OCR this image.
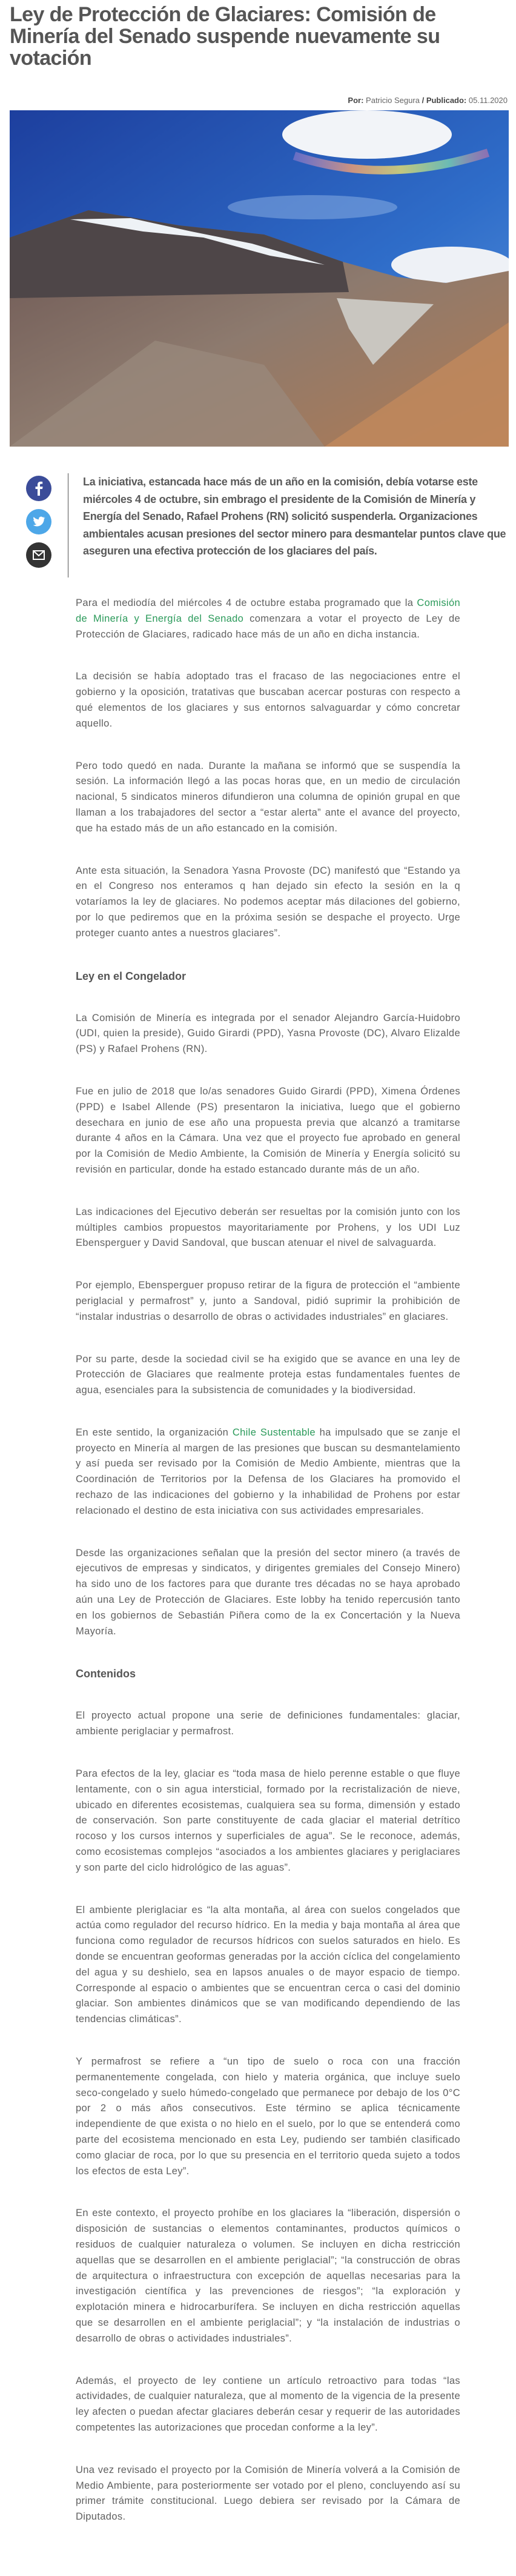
Ley de Protección de Glaciares: Comisión de Minería del Senado suspende nuevamente su votación
Por: Patricio Segura / Publicado: 05.11.2020

La iniciativa, estancada hace más de un año en la comisión, debía votarse este miércoles 4 de octubre, sin embrago el presidente de la Comisión de Minería y Energía del Senado, Rafael Prohens (RN) solicitó suspenderla. Organizaciones ambientales acusan presiones del sector minero para desmantelar puntos clave que aseguren una efectiva protección de los glaciares del país.

Para el mediodía del miércoles 4 de octubre estaba programado que la Comisión de Minería y Energía del Senado comenzara a votar el proyecto de Ley de Protección de Glaciares, radicado hace más de un año en dicha instancia.

La decisión se había adoptado tras el fracaso de las negociaciones entre el gobierno y la oposición, tratativas que buscaban acercar posturas con respecto a qué elementos de los glaciares y sus entornos salvaguardar y cómo concretar aquello.

Pero todo quedó en nada. Durante la mañana se informó que se suspendía la sesión. La información llegó a las pocas horas que, en un medio de circulación nacional, 5 sindicatos mineros difundieron una columna de opinión grupal en que llaman a los trabajadores del sector a “estar alerta” ante el avance del proyecto, que ha estado más de un año estancado en la comisión.

Ante esta situación, la Senadora Yasna Provoste (DC) manifestó que “Estando ya en el Congreso nos enteramos q han dejado sin efecto la sesión en la q votaríamos la ley de glaciares. No podemos aceptar más dilaciones del gobierno, por lo que pediremos que en la próxima sesión se despache el proyecto. Urge proteger cuanto antes a nuestros glaciares”.

Ley en el Congelador

La Comisión de Minería es integrada por el senador Alejandro García-Huidobro (UDI, quien la preside), Guido Girardi (PPD), Yasna Provoste (DC), Alvaro Elizalde (PS) y Rafael Prohens (RN).

Fue en julio de 2018 que lo/as senadores Guido Girardi (PPD), Ximena Órdenes (PPD) e Isabel Allende (PS) presentaron la iniciativa, luego que el gobierno desechara en junio de ese año una propuesta previa que alcanzó a tramitarse durante 4 años en la Cámara. Una vez que el proyecto fue aprobado en general por la Comisión de Medio Ambiente, la Comisión de Minería y Energía solicitó su revisión en particular, donde ha estado estancado durante más de un año.

Las indicaciones del Ejecutivo deberán ser resueltas por la comisión junto con los múltiples cambios propuestos mayoritariamente por Prohens, y los UDI Luz Ebensperguer y David Sandoval, que buscan atenuar el nivel de salvaguarda.

Por ejemplo, Ebensperguer propuso retirar de la figura de protección el “ambiente periglacial y permafrost” y, junto a Sandoval, pidió suprimir la prohibición de “instalar industrias o desarrollo de obras o actividades industriales” en glaciares.

Por su parte, desde la sociedad civil se ha exigido que se avance en una ley de Protección de Glaciares que realmente proteja estas fundamentales fuentes de agua, esenciales para la subsistencia de comunidades y la biodiversidad.

En este sentido, la organización Chile Sustentable ha impulsado que se zanje el proyecto en Minería al margen de las presiones que buscan su desmantelamiento y así pueda ser revisado por la Comisión de Medio Ambiente, mientras que la Coordinación de Territorios por la Defensa de los Glaciares ha promovido el rechazo de las indicaciones del gobierno y la inhabilidad de Prohens por estar relacionado el destino de esta iniciativa con sus actividades empresariales.

Desde las organizaciones señalan que la presión del sector minero (a través de ejecutivos de empresas y sindicatos, y dirigentes gremiales del Consejo Minero) ha sido uno de los factores para que durante tres décadas no se haya aprobado aún una Ley de Protección de Glaciares. Este lobby ha tenido repercusión tanto en los gobiernos de Sebastián Piñera como de la ex Concertación y la Nueva Mayoría.

Contenidos

El proyecto actual propone una serie de definiciones fundamentales: glaciar, ambiente periglaciar y permafrost.

Para efectos de la ley, glaciar es “toda masa de hielo perenne estable o que fluye lentamente, con o sin agua intersticial, formado por la recristalización de nieve, ubicado en diferentes ecosistemas, cualquiera sea su forma, dimensión y estado de conservación. Son parte constituyente de cada glaciar el material detrítico rocoso y los cursos internos y superficiales de agua”. Se le reconoce, además, como ecosistemas complejos “asociados a los ambientes glaciares y periglaciares y son parte del ciclo hidrológico de las aguas”.

El ambiente pleriglaciar es “la alta montaña, al área con suelos congelados que actúa como regulador del recurso hídrico. En la media y baja montaña al área que funciona como regulador de recursos hídricos con suelos saturados en hielo. Es donde se encuentran geoformas generadas por la acción cíclica del congelamiento del agua y su deshielo, sea en lapsos anuales o de mayor espacio de tiempo. Corresponde al espacio o ambientes que se encuentran cerca o casi del dominio glaciar. Son ambientes dinámicos que se van modificando dependiendo de las tendencias climáticas”.

Y permafrost se refiere a “un tipo de suelo o roca con una fracción permanentemente congelada, con hielo y materia orgánica, que incluye suelo seco-congelado y suelo húmedo-congelado que permanece por debajo de los 0°C por 2 o más años consecutivos. Este término se aplica técnicamente independiente de que exista o no hielo en el suelo, por lo que se entenderá como parte del ecosistema mencionado en esta Ley, pudiendo ser también clasificado como glaciar de roca, por lo que su presencia en el territorio queda sujeto a todos los efectos de esta Ley”.

En este contexto, el proyecto prohíbe en los glaciares la “liberación, dispersión o disposición de sustancias o elementos contaminantes, productos químicos o residuos de cualquier naturaleza o volumen. Se incluyen en dicha restricción aquellas que se desarrollen en el ambiente periglacial”; “la construcción de obras de arquitectura o infraestructura con excepción de aquellas necesarias para la investigación científica y las prevenciones de riesgos”; “la exploración y explotación minera e hidrocarburífera. Se incluyen en dicha restricción aquellas que se desarrollen en el ambiente periglacial”; y “la instalación de industrias o desarrollo de obras o actividades industriales”.

Además, el proyecto de ley contiene un artículo retroactivo para todas “las actividades, de cualquier naturaleza, que al momento de la vigencia de la presente ley afecten o puedan afectar glaciares deberán cesar y requerir de las autoridades competentes las autorizaciones que procedan conforme a la ley”.

Una vez revisado el proyecto por la Comisión de Minería volverá a la Comisión de Medio Ambiente, para posteriormente ser votado por el pleno, concluyendo así su primer trámite constitucional. Luego debiera ser revisado por la Cámara de Diputados.
